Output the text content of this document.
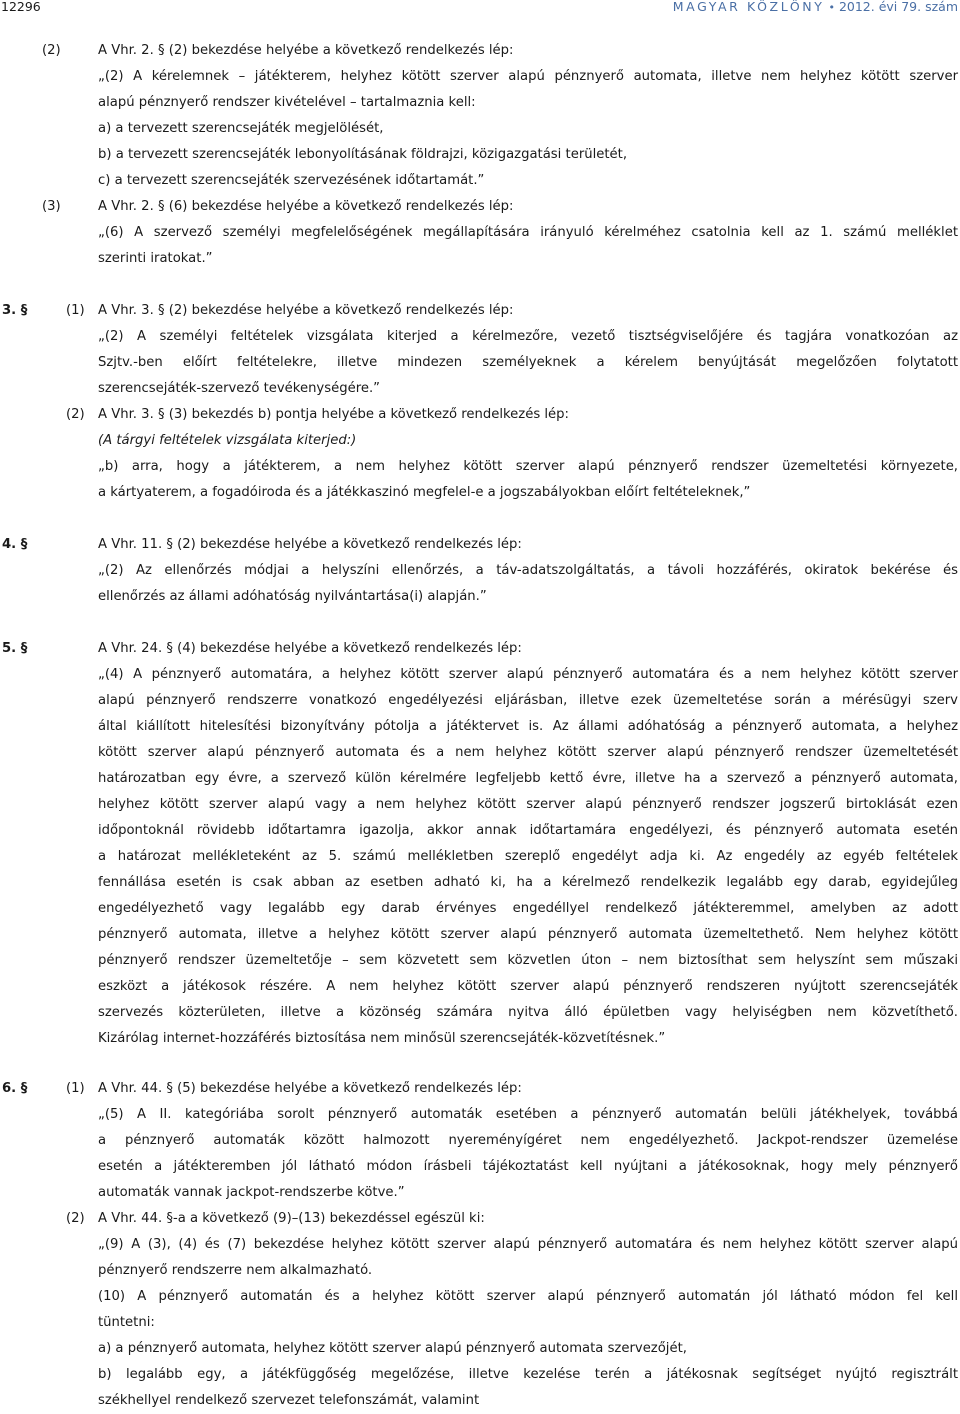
12296	MAGYAR KÖZLÖNY • 2012. évi 79. szám
(2)	A Vhr. 2. § (2) bekezdése helyébe a következő rendelkezés lép:
„(2) A kérelemnek – játékterem, helyhez kötött szerver alapú pénznyerő automata, illetve nem helyhez kötött szerver
alapú pénznyerő rendszer kivételével – tartalmaznia kell:
a) a tervezett szerencsejáték megjelölését,
b) a tervezett szerencsejáték lebonyolításának földrajzi, közigazgatási területét,
c) a tervezett szerencsejáték szervezésének időtartamát.”
(3)	A Vhr. 2. § (6) bekezdése helyébe a következő rendelkezés lép:
„(6) A szervező személyi megfelelőségének megállapítására irányuló kérelméhez csatolnia kell az 1. számú melléklet
szerinti iratokat.”
3. §	(1) A Vhr. 3. § (2) bekezdése helyébe a következő rendelkezés lép:
„(2) A személyi feltételek vizsgálata kiterjed a kérelmezőre, vezető tisztségviselőjére és tagjára vonatkozóan az
Szjtv.-ben előírt feltételekre, illetve mindezen személyeknek a kérelem benyújtását megelőzően folytatott
szerencsejáték-szervező tevékenységére.”
(2) A Vhr. 3. § (3) bekezdés b) pontja helyébe a következő rendelkezés lép:
(A tárgyi feltételek vizsgálata kiterjed:)
„b) arra, hogy a játékterem, a nem helyhez kötött szerver alapú pénznyerő rendszer üzemeltetési környezete,
a kártyaterem, a fogadóiroda és a játékkaszinó megfelel-e a jogszabályokban előírt feltételeknek,”
4. §	A Vhr. 11. § (2) bekezdése helyébe a következő rendelkezés lép:
„(2) Az ellenőrzés módjai a helyszíni ellenőrzés, a táv-adatszolgáltatás, a távoli hozzáférés, okiratok bekérése és
ellenőrzés az állami adóhatóság nyilvántartása(i) alapján.”
5. §	A Vhr. 24. § (4) bekezdése helyébe a következő rendelkezés lép:
„(4) A pénznyerő automatára, a helyhez kötött szerver alapú pénznyerő automatára és a nem helyhez kötött szerver
alapú pénznyerő rendszerre vonatkozó engedélyezési eljárásban, illetve ezek üzemeltetése során a mérésügyi szerv
által kiállított hitelesítési bizonyítvány pótolja a játéktervet is. Az állami adóhatóság a pénznyerő automata, a helyhez
kötött szerver alapú pénznyerő automata és a nem helyhez kötött szerver alapú pénznyerő rendszer üzemeltetését
határozatban egy évre, a szervező külön kérelmére legfeljebb kettő évre, illetve ha a szervező a pénznyerő automata,
helyhez kötött szerver alapú vagy a nem helyhez kötött szerver alapú pénznyerő rendszer jogszerű birtoklását ezen
időpontoknál rövidebb időtartamra igazolja, akkor annak időtartamára engedélyezi, és pénznyerő automata esetén
a határozat mellékleteként az 5. számú mellékletben szereplő engedélyt adja ki. Az engedély az egyéb feltételek
fennállása esetén is csak abban az esetben adható ki, ha a kérelmező rendelkezik legalább egy darab, egyidejűleg
engedélyezhető vagy legalább egy darab érvényes engedéllyel rendelkező játékteremmel, amelyben az adott
pénznyerő automata, illetve a helyhez kötött szerver alapú pénznyerő automata üzemeltethető. Nem helyhez kötött
pénznyerő rendszer üzemeltetője – sem közvetett sem közvetlen úton – nem biztosíthat sem helyszínt sem műszaki
eszközt a játékosok részére. A nem helyhez kötött szerver alapú pénznyerő rendszeren nyújtott szerencsejáték
szervezés közterületen, illetve a közönség számára nyitva álló épületben vagy helyiségben nem közvetíthető.
Kizárólag internet-hozzáférés biztosítása nem minősül szerencsejáték-közvetítésnek.”
6. §	(1) A Vhr. 44. § (5) bekezdése helyébe a következő rendelkezés lép:
„(5) A II. kategóriába sorolt pénznyerő automaták esetében a pénznyerő automatán belüli játékhelyek, továbbá
a pénznyerő automaták között halmozott nyereményígéret nem engedélyezhető. Jackpot-rendszer üzemelése
esetén a játékteremben jól látható módon írásbeli tájékoztatást kell nyújtani a játékosoknak, hogy mely pénznyerő
automaták vannak jackpot-rendszerbe kötve.”
(2) A Vhr. 44. §-a a következő (9)–(13) bekezdéssel egészül ki:
„(9) A (3), (4) és (7) bekezdése helyhez kötött szerver alapú pénznyerő automatára és nem helyhez kötött szerver alapú
pénznyerő rendszerre nem alkalmazható.
(10) A pénznyerő automatán és a helyhez kötött szerver alapú pénznyerő automatán jól látható módon fel kell
tüntetni:
a) a pénznyerő automata, helyhez kötött szerver alapú pénznyerő automata szervezőjét,
b) legalább egy, a játékfüggőség megelőzése, illetve kezelése terén a játékosnak segítséget nyújtó regisztrált
székhellyel rendelkező szervezet telefonszámát, valamint
